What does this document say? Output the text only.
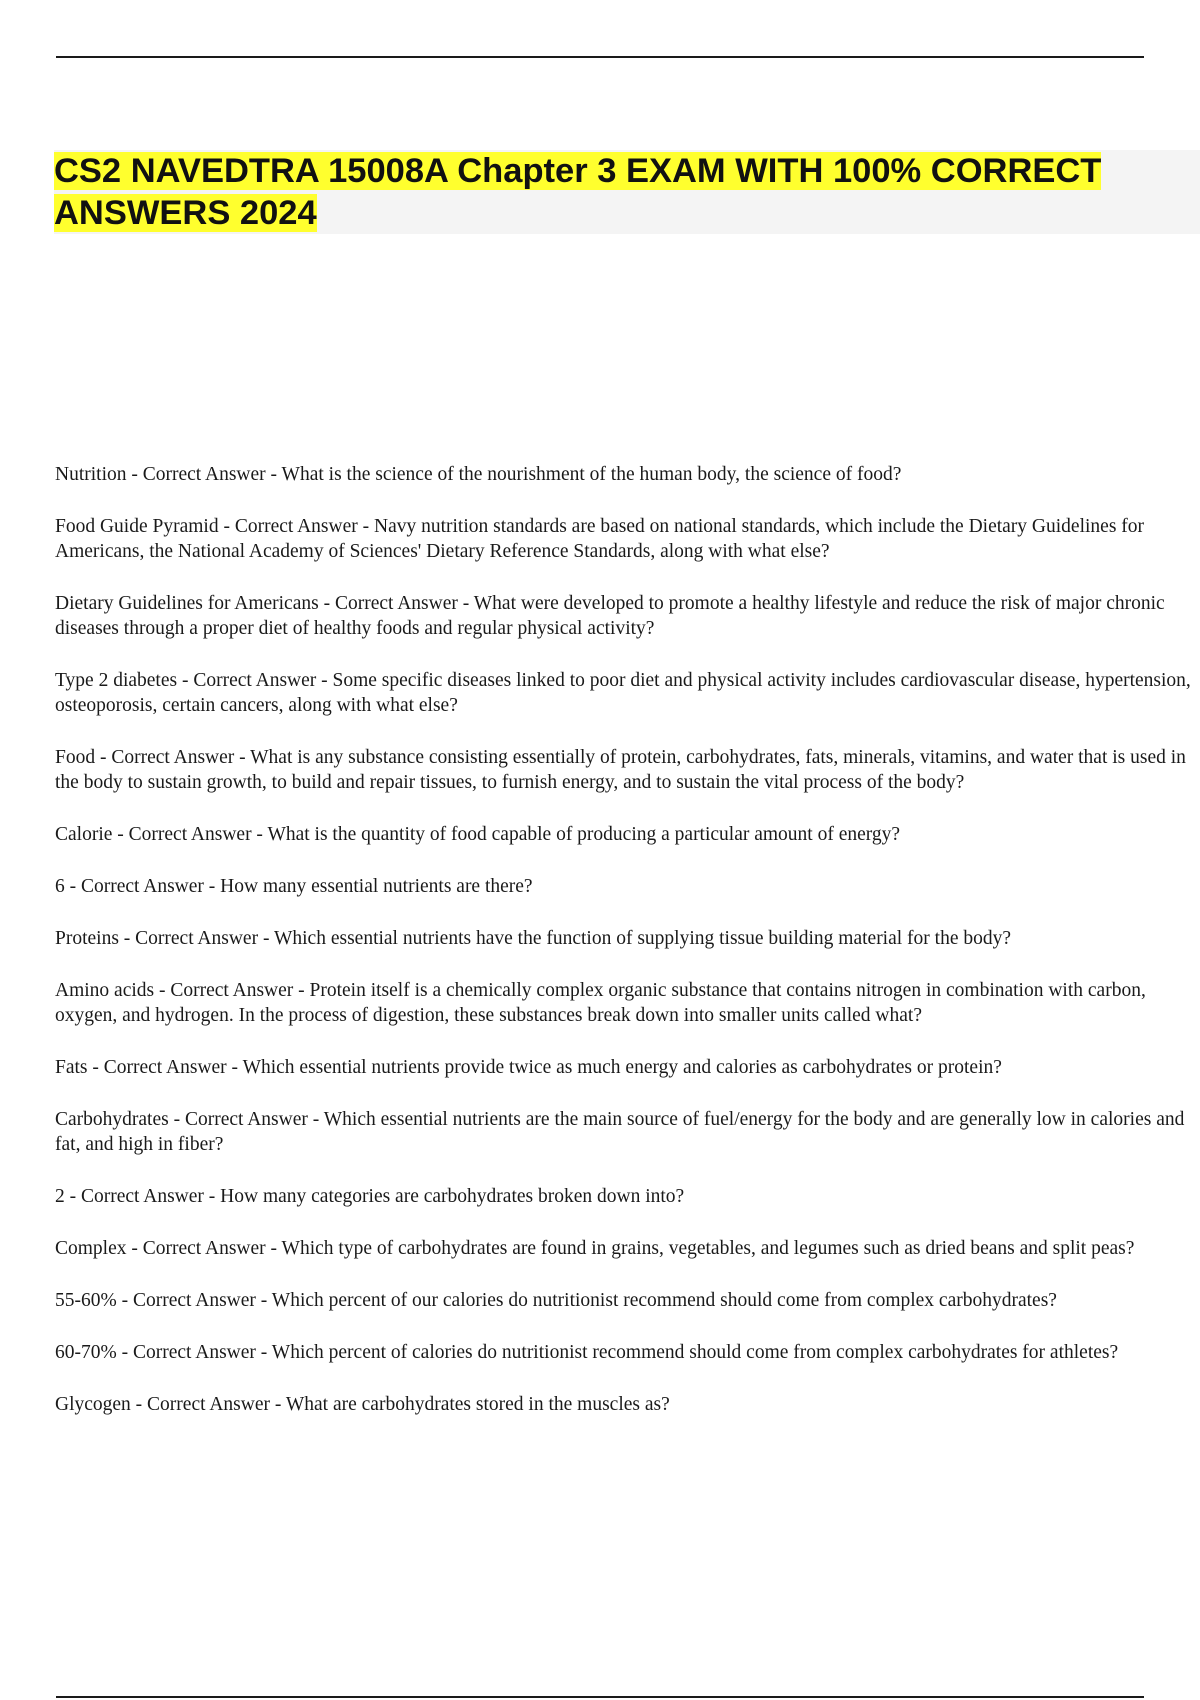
CS2 NAVEDTRA 15008A Chapter 3 EXAM WITH 100% CORRECT ANSWERS 2024
Nutrition - Correct Answer - What is the science of the nourishment of the human body, the science of food?
Food Guide Pyramid - Correct Answer - Navy nutrition standards are based on national standards, which include the Dietary Guidelines for Americans, the National Academy of Sciences' Dietary Reference Standards, along with what else?
Dietary Guidelines for Americans - Correct Answer - What were developed to promote a healthy lifestyle and reduce the risk of major chronic diseases through a proper diet of healthy foods and regular physical activity?
Type 2 diabetes - Correct Answer - Some specific diseases linked to poor diet and physical activity includes cardiovascular disease, hypertension, osteoporosis, certain cancers, along with what else?
Food - Correct Answer - What is any substance consisting essentially of protein, carbohydrates, fats, minerals, vitamins, and water that is used in the body to sustain growth, to build and repair tissues, to furnish energy, and to sustain the vital process of the body?
Calorie - Correct Answer - What is the quantity of food capable of producing a particular amount of energy?
6 - Correct Answer - How many essential nutrients are there?
Proteins - Correct Answer - Which essential nutrients have the function of supplying tissue building material for the body?
Amino acids - Correct Answer - Protein itself is a chemically complex organic substance that contains nitrogen in combination with carbon, oxygen, and hydrogen. In the process of digestion, these substances break down into smaller units called what?
Fats - Correct Answer - Which essential nutrients provide twice as much energy and calories as carbohydrates or protein?
Carbohydrates - Correct Answer - Which essential nutrients are the main source of fuel/energy for the body and are generally low in calories and fat, and high in fiber?
2 - Correct Answer - How many categories are carbohydrates broken down into?
Complex - Correct Answer - Which type of carbohydrates are found in grains, vegetables, and legumes such as dried beans and split peas?
55-60% - Correct Answer - Which percent of our calories do nutritionist recommend should come from complex carbohydrates?
60-70% - Correct Answer - Which percent of calories do nutritionist recommend should come from complex carbohydrates for athletes?
Glycogen - Correct Answer - What are carbohydrates stored in the muscles as?
